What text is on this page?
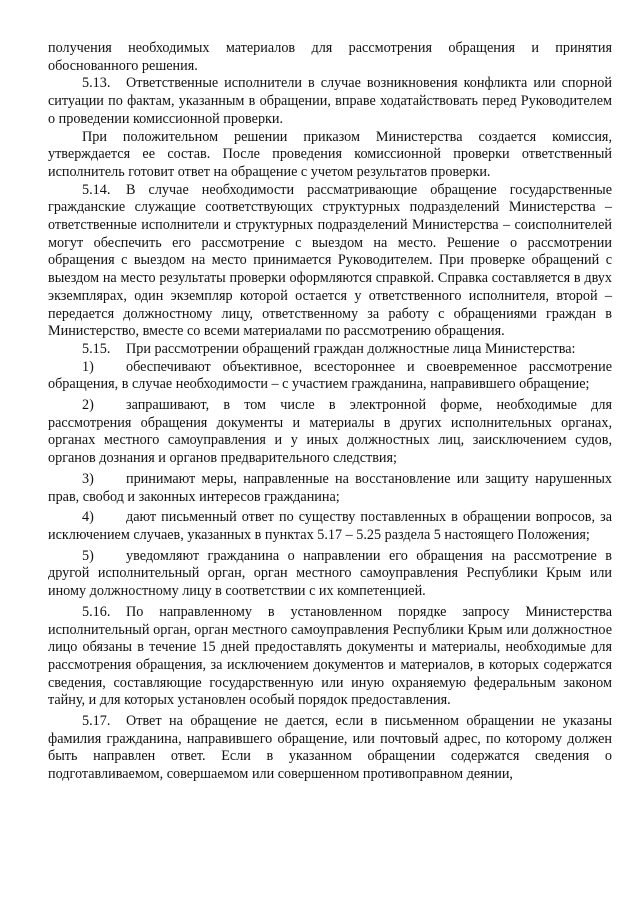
получения необходимых материалов для рассмотрения обращения и принятия обоснованного решения.

5.13. Ответственные исполнители в случае возникновения конфликта или спорной ситуации по фактам, указанным в обращении, вправе ходатайствовать перед Руководителем о проведении комиссионной проверки.

При положительном решении приказом Министерства создается комиссия, утверждается ее состав. После проведения комиссионной проверки ответственный исполнитель готовит ответ на обращение с учетом результатов проверки.

5.14. В случае необходимости рассматривающие обращение государственные гражданские служащие соответствующих структурных подразделений Министерства – ответственные исполнители и структурных подразделений Министерства – соисполнителей могут обеспечить его рассмотрение с выездом на место. Решение о рассмотрении обращения с выездом на место принимается Руководителем. При проверке обращений с выездом на место результаты проверки оформляются справкой. Справка составляется в двух экземплярах, один экземпляр которой остается у ответственного исполнителя, второй – передается должностному лицу, ответственному за работу с обращениями граждан в Министерство, вместе со всеми материалами по рассмотрению обращения.

5.15. При рассмотрении обращений граждан должностные лица Министерства:

1) обеспечивают объективное, всестороннее и своевременное рассмотрение обращения, в случае необходимости – с участием гражданина, направившего обращение;

2) запрашивают, в том числе в электронной форме, необходимые для рассмотрения обращения документы и материалы в других исполнительных органах, органах местного самоуправления и у иных должностных лиц, заисключением судов, органов дознания и органов предварительного следствия;

3) принимают меры, направленные на восстановление или защиту нарушенных прав, свобод и законных интересов гражданина;

4) дают письменный ответ по существу поставленных в обращении вопросов, за исключением случаев, указанных в пунктах 5.17 – 5.25 раздела 5 настоящего Положения;

5) уведомляют гражданина о направлении его обращения на рассмотрение в другой исполнительный орган, орган местного самоуправления Республики Крым или иному должностному лицу в соответствии с их компетенцией.

5.16. По направленному в установленном порядке запросу Министерства исполнительный орган, орган местного самоуправления Республики Крым или должностное лицо обязаны в течение 15 дней предоставлять документы и материалы, необходимые для рассмотрения обращения, за исключением документов и материалов, в которых содержатся сведения, составляющие государственную или иную охраняемую федеральным законом тайну, и для которых установлен особый порядок предоставления.

5.17. Ответ на обращение не дается, если в письменном обращении не указаны фамилия гражданина, направившего обращение, или почтовый адрес, по которому должен быть направлен ответ. Если в указанном обращении содержатся сведения о подготавливаемом, совершаемом или совершенном противоправном деянии,
